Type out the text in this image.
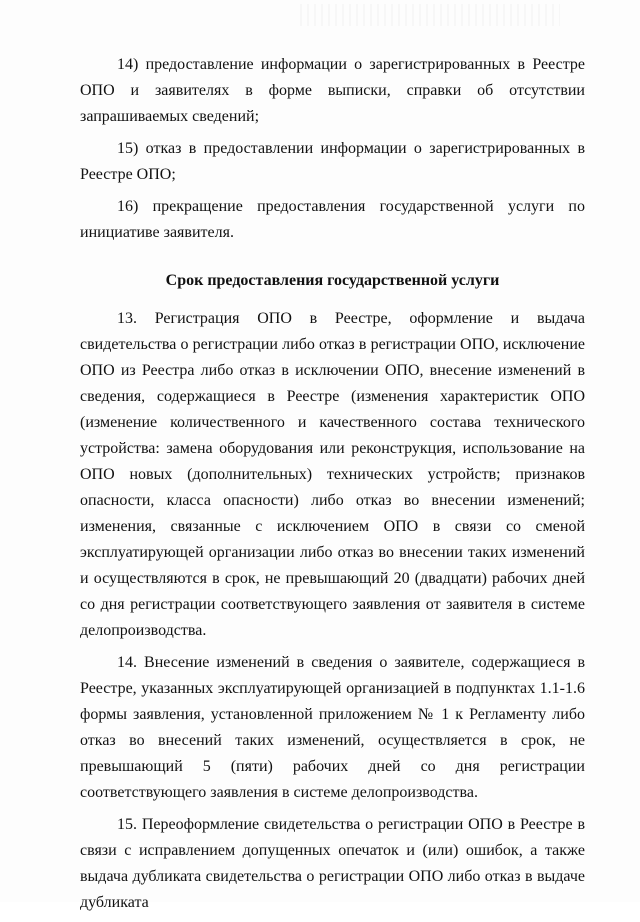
14) предоставление информации о зарегистрированных в Реестре ОПО и заявителях в форме выписки, справки об отсутствии запрашиваемых сведений;

15) отказ в предоставлении информации о зарегистрированных в Реестре ОПО;

16) прекращение предоставления государственной услуги по инициативе заявителя.

Срок предоставления государственной услуги

13. Регистрация ОПО в Реестре, оформление и выдача свидетельства о регистрации либо отказ в регистрации ОПО, исключение ОПО из Реестра либо отказ в исключении ОПО, внесение изменений в сведения, содержащиеся в Реестре (изменения характеристик ОПО (изменение количественного и качественного состава технического устройства: замена оборудования или реконструкция, использование на ОПО новых (дополнительных) технических устройств; признаков опасности, класса опасности) либо отказ во внесении изменений; изменения, связанные с исключением ОПО в связи со сменой эксплуатирующей организации либо отказ во внесении таких изменений и осуществляются в срок, не превышающий 20 (двадцати) рабочих дней со дня регистрации соответствующего заявления от заявителя в системе делопроизводства.

14. Внесение изменений в сведения о заявителе, содержащиеся в Реестре, указанных эксплуатирующей организацией в подпунктах 1.1-1.6 формы заявления, установленной приложением № 1 к Регламенту либо отказ во внесений таких изменений, осуществляется в срок, не превышающий 5 (пяти) рабочих дней со дня регистрации соответствующего заявления в системе делопроизводства.

15. Переоформление свидетельства о регистрации ОПО в Реестре в связи с исправлением допущенных опечаток и (или) ошибок, а также выдача дубликата свидетельства о регистрации ОПО либо отказ в выдаче дубликата
